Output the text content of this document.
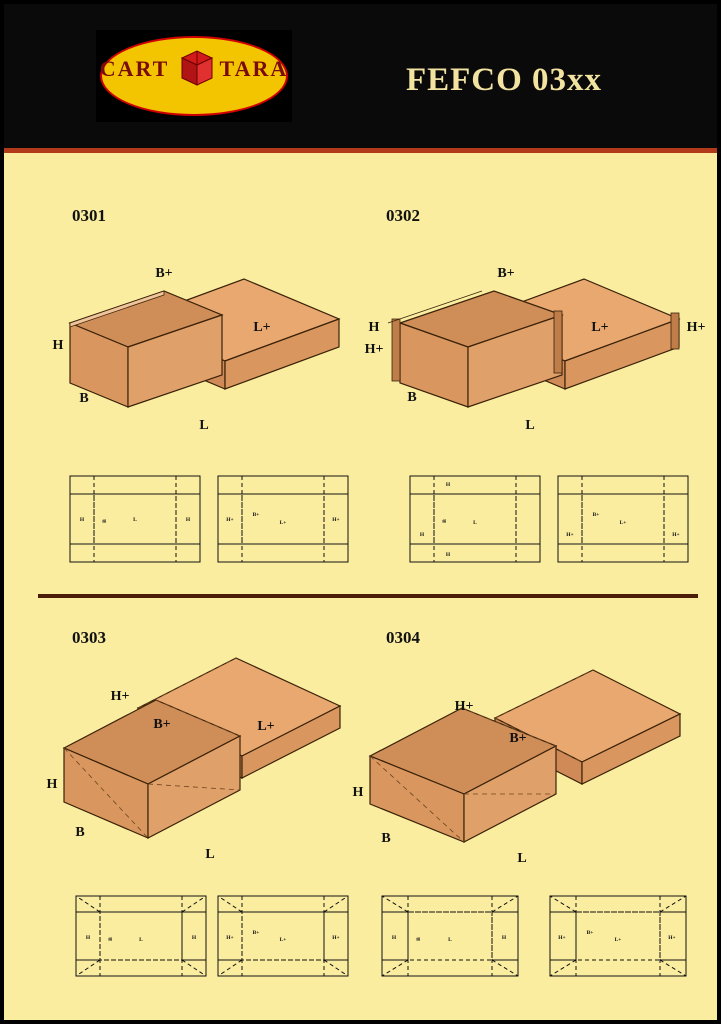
CART TARA	FEFCO 03xx
0301
B+
L+
H
B
L
H	B	L	H	H+
B+
L+	H+
0302
B+
L+
H
H+
B
L
H+
H
B
H
L
H	H+
B+
L+
H+
0303
H+
B+	L+
H
B
L
H	B	L	H	H+
B+
L+	H+
0304
H+
B+
H
B
L
H	B	L	H	H+
B+
L+	H+
